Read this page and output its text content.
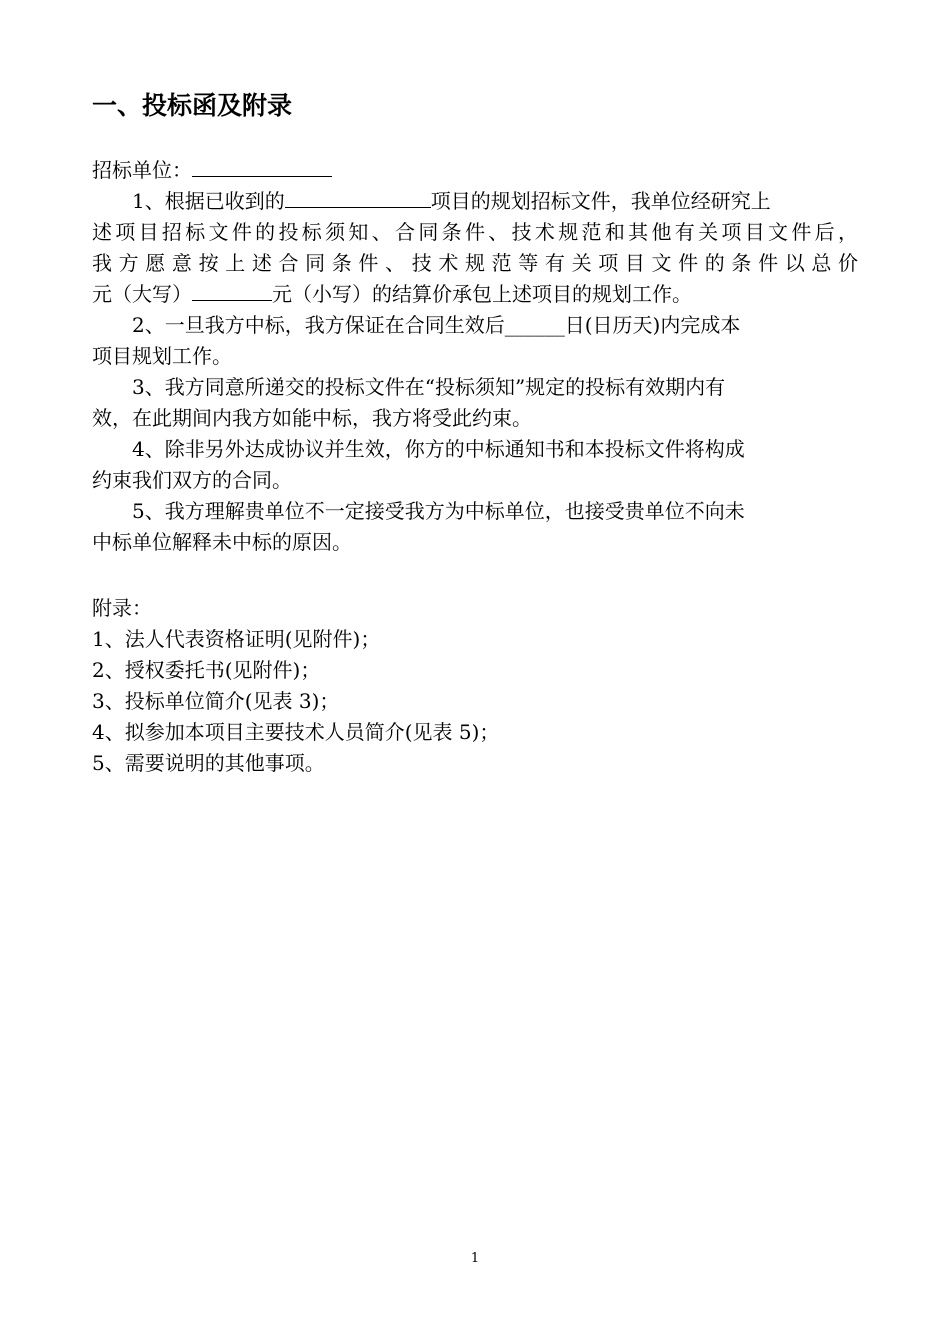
一、投标函及附录
招标单位：
1、根据已收到的	项目的规划招标文件，我单位经研究上
述项目招标文件的投标须知、合同条件、技术规范和其他有关项目文件后，
我方愿意按上述合同条件、技术规范等有关项目文件的条件以总价
元（大写）	元（小写）的结算价承包上述项目的规划工作。
2、一旦我方中标，我方保证在合同生效后______日(日历天)内完成本
项目规划工作。
3、我方同意所递交的投标文件在“投标须知”规定的投标有效期内有
效，在此期间内我方如能中标，我方将受此约束。
4、除非另外达成协议并生效，你方的中标通知书和本投标文件将构成
约束我们双方的合同。
5、我方理解贵单位不一定接受我方为中标单位，也接受贵单位不向未
中标单位解释未中标的原因。
附录：
1、法人代表资格证明(见附件)；
2、授权委托书(见附件)；
3、投标单位简介(见表 3)；
4、拟参加本项目主要技术人员简介(见表 5)；
5、需要说明的其他事项。
1
